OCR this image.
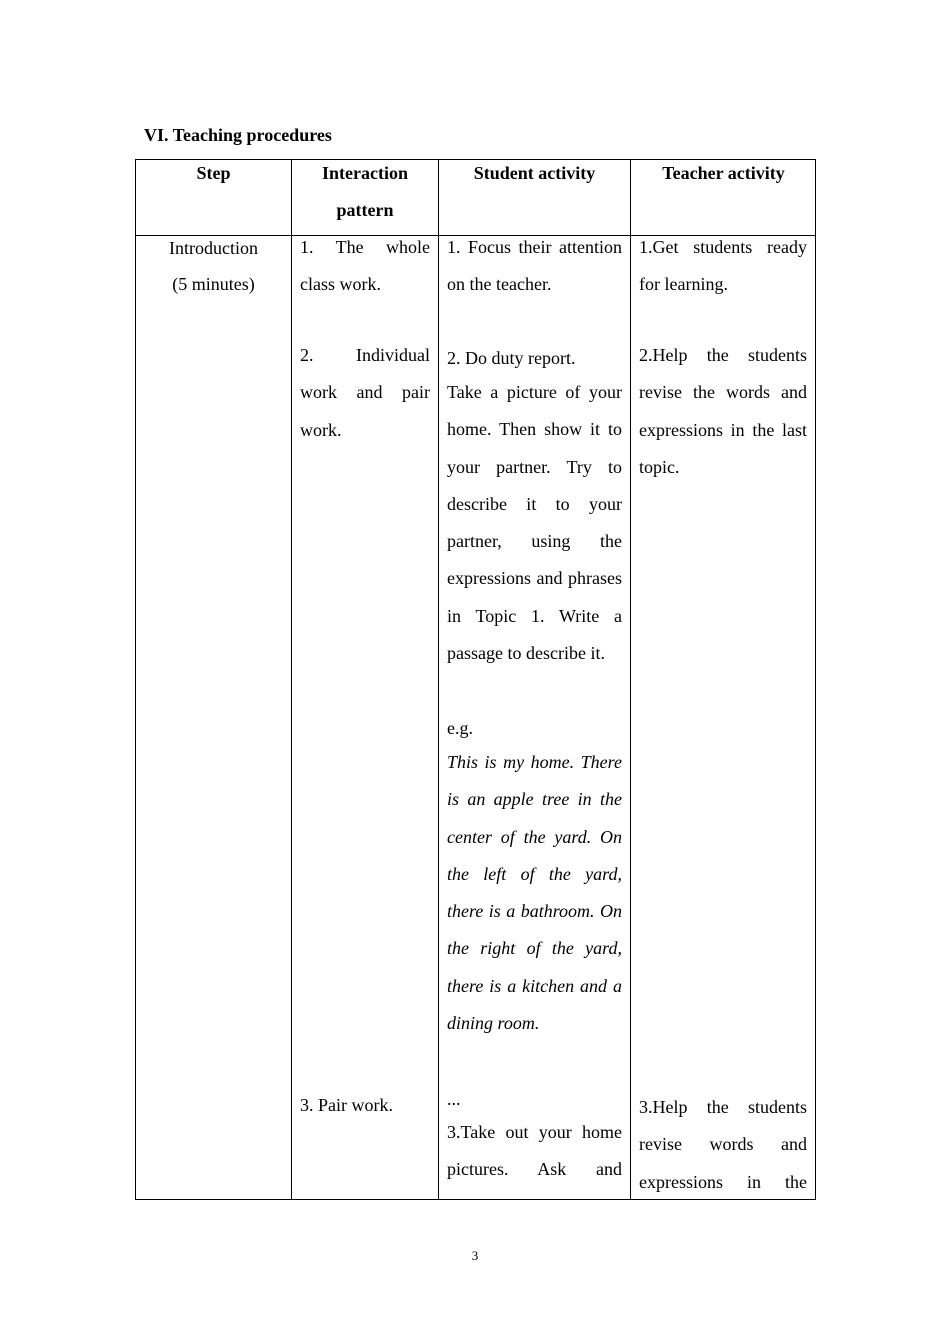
VI. Teaching procedures
Step	Interaction
pattern
Student activity	Teacher activity
Introduction
(5 minutes)
1. The whole class work.
2. Individual work and pair work.
3. Pair work.
1. Focus their attention on the teacher.
2. Do duty report.
Take a picture of your home. Then show it to your partner. Try to describe it to your partner, using the expressions and phrases in Topic 1. Write a passage to describe it.
e.g.
This is my home. There is an apple tree in the center of the yard. On the left of the yard, there is a bathroom. On the right of the yard, there is a kitchen and a dining room.
...
3.Take out your home pictures. Ask and
1.Get students ready for learning.
2.Help the students revise the words and expressions in the last topic.
3.Help the students revise words and expressions in the
3
